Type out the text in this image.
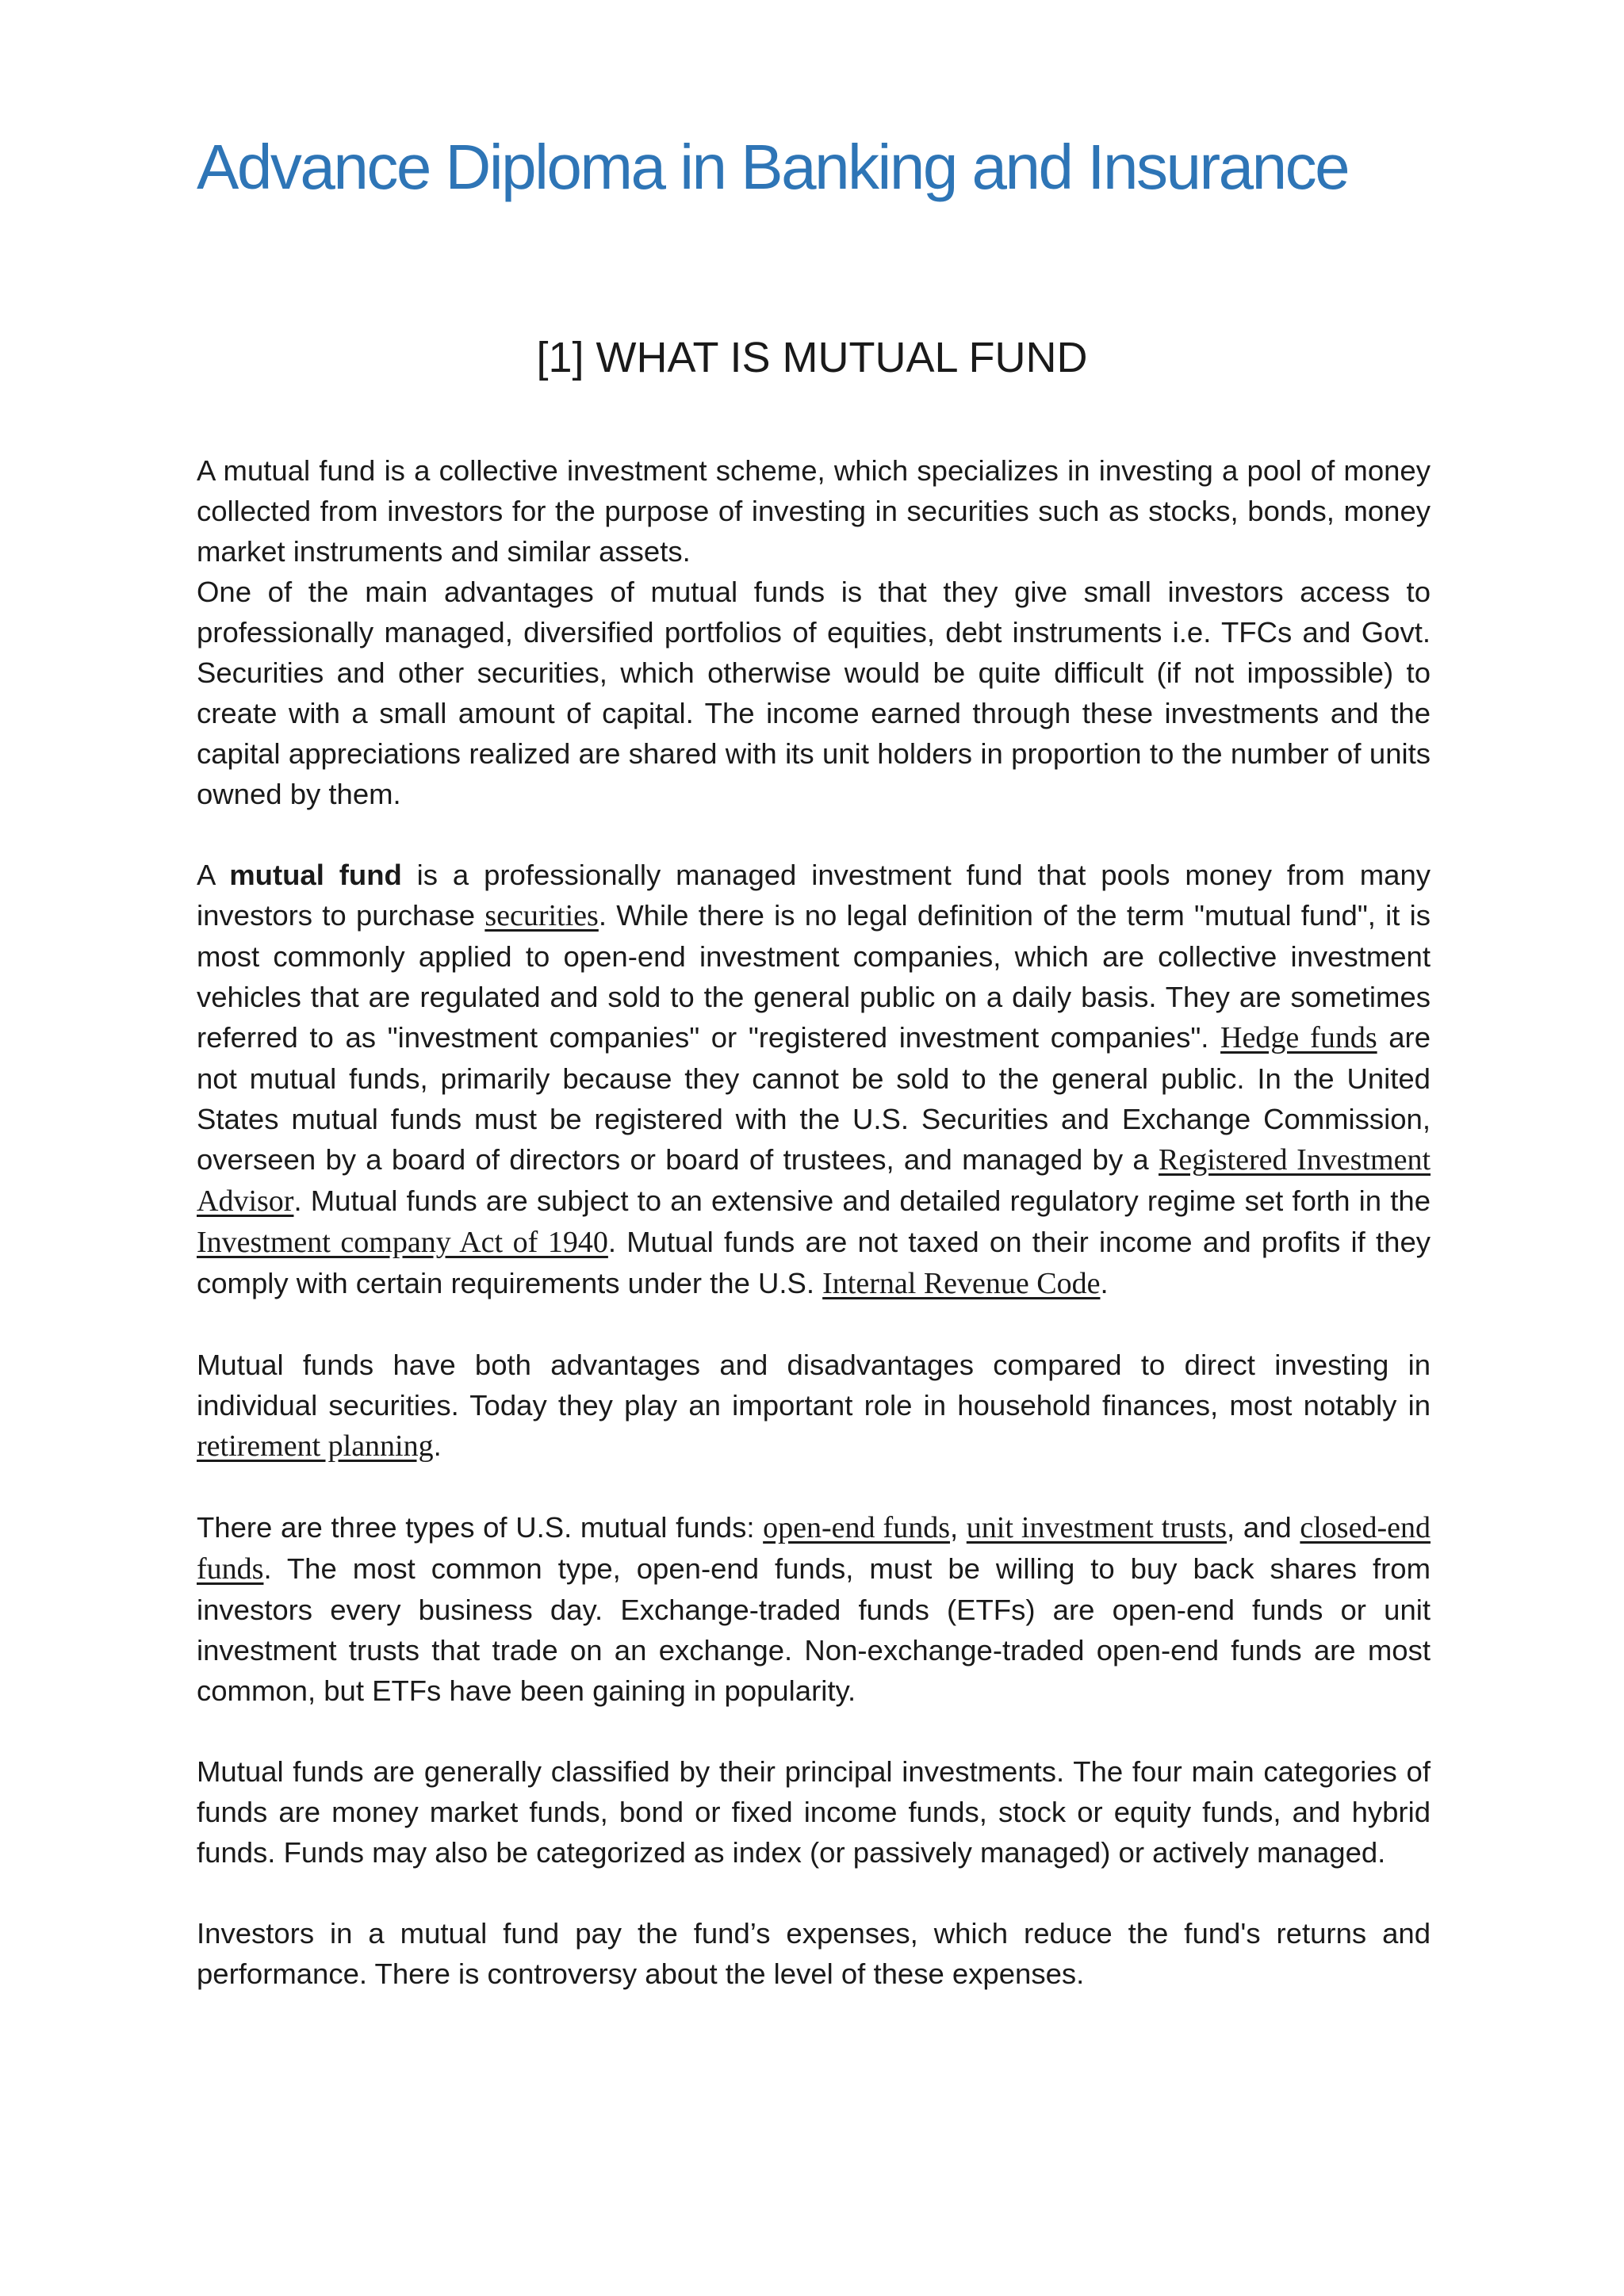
Advance Diploma in Banking and Insurance
[1] WHAT IS MUTUAL FUND

A mutual fund is a collective investment scheme, which specializes in investing a pool of money collected from investors for the purpose of investing in securities such as stocks, bonds, money market instruments and similar assets.

One of the main advantages of mutual funds is that they give small investors access to professionally managed, diversified portfolios of equities, debt instruments i.e. TFCs and Govt. Securities and other securities, which otherwise would be quite difficult (if not impossible) to create with a small amount of capital. The income earned through these investments and the capital appreciations realized are shared with its unit holders in proportion to the number of units owned by them.

A mutual fund is a professionally managed investment fund that pools money from many investors to purchase securities. While there is no legal definition of the term "mutual fund", it is most commonly applied to open-end investment companies, which are collective investment vehicles that are regulated and sold to the general public on a daily basis. They are sometimes referred to as "investment companies" or "registered investment companies". Hedge funds are not mutual funds, primarily because they cannot be sold to the general public. In the United States mutual funds must be registered with the U.S. Securities and Exchange Commission, overseen by a board of directors or board of trustees, and managed by a Registered Investment Advisor. Mutual funds are subject to an extensive and detailed regulatory regime set forth in the Investment company Act of 1940. Mutual funds are not taxed on their income and profits if they comply with certain requirements under the U.S. Internal Revenue Code.

Mutual funds have both advantages and disadvantages compared to direct investing in individual securities. Today they play an important role in household finances, most notably in retirement planning.

There are three types of U.S. mutual funds: open-end funds, unit investment trusts, and closed-end funds. The most common type, open-end funds, must be willing to buy back shares from investors every business day. Exchange-traded funds (ETFs) are open-end funds or unit investment trusts that trade on an exchange. Non-exchange-traded open-end funds are most common, but ETFs have been gaining in popularity.

Mutual funds are generally classified by their principal investments. The four main categories of funds are money market funds, bond or fixed income funds, stock or equity funds, and hybrid funds. Funds may also be categorized as index (or passively managed) or actively managed.

Investors in a mutual fund pay the fund’s expenses, which reduce the fund's returns and performance. There is controversy about the level of these expenses.
